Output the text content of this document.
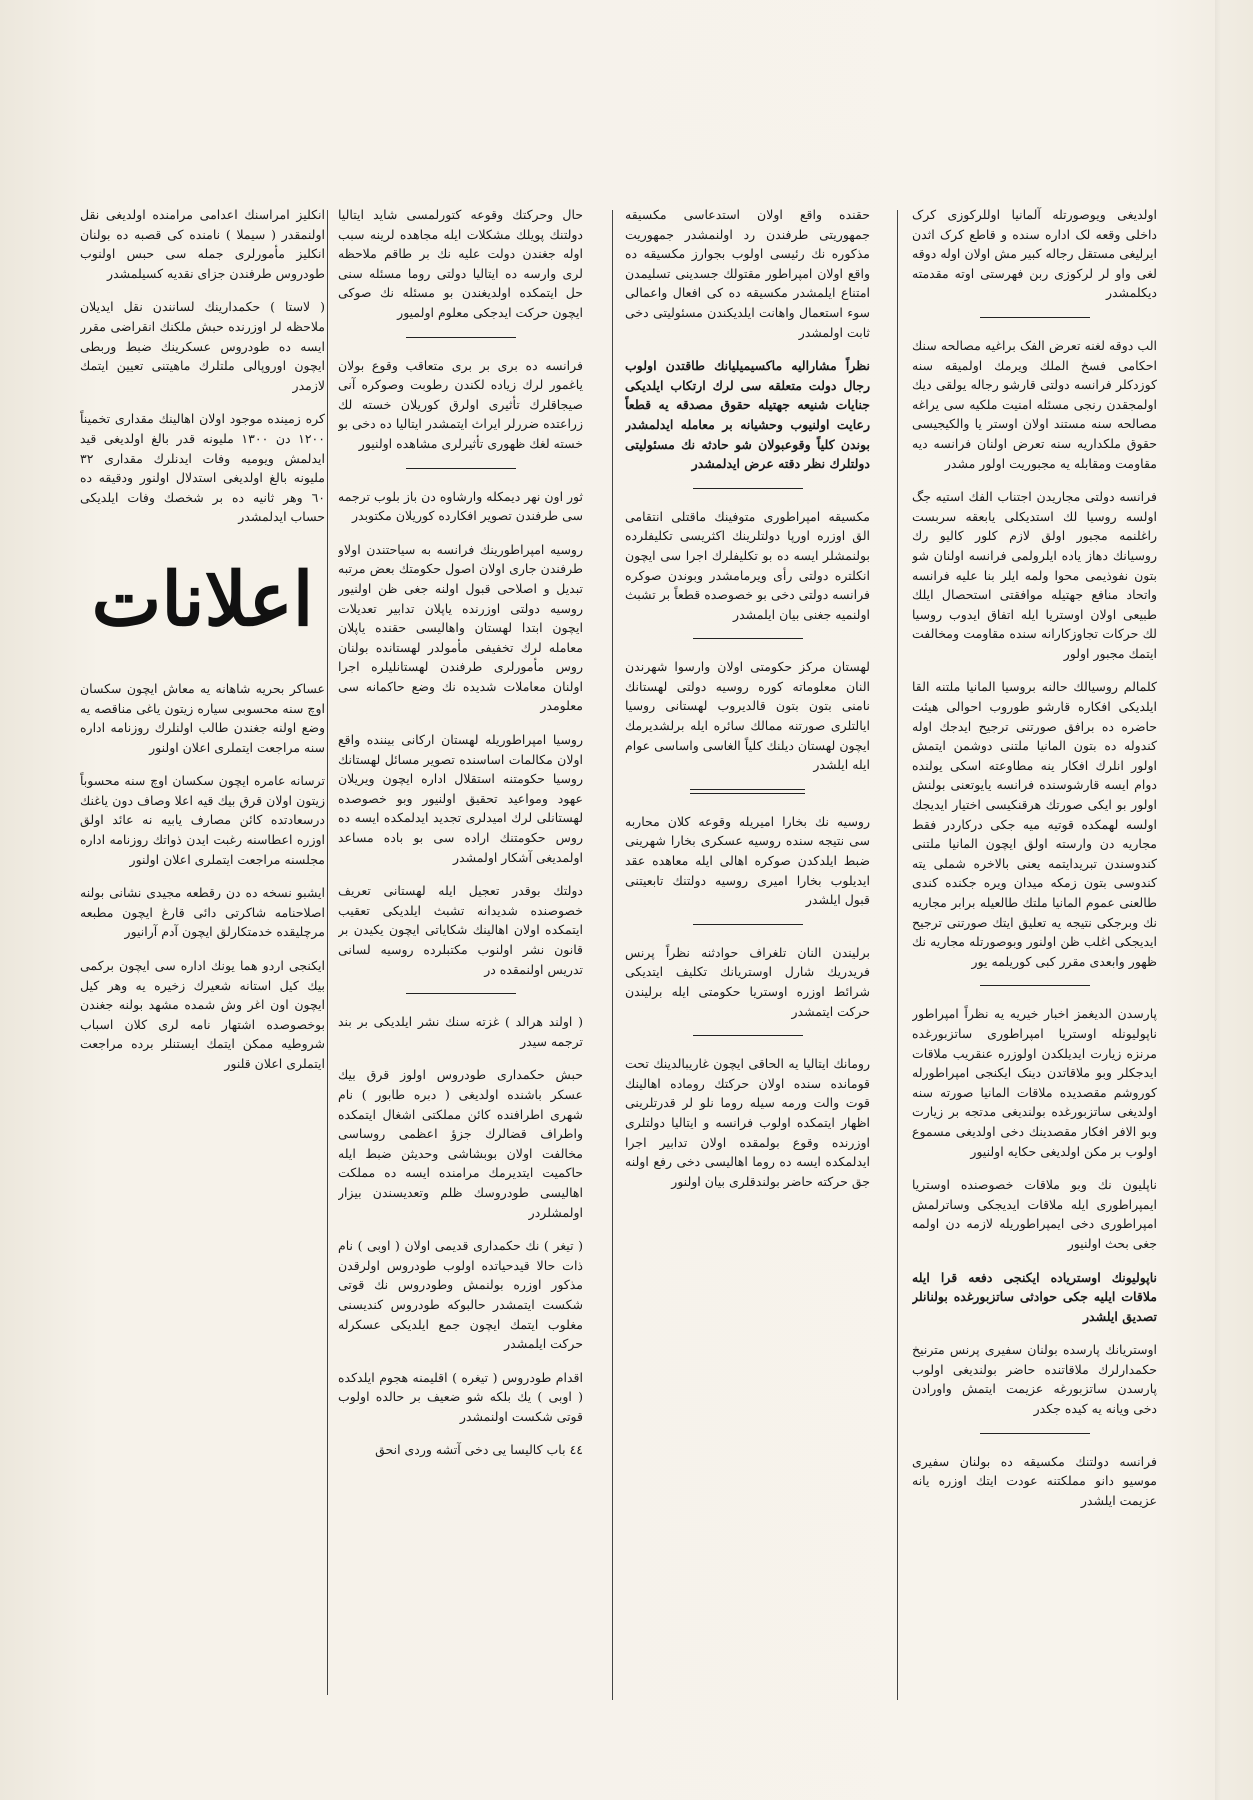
اولدیغی ویوصورتله آلمانیا اوللرکوزی کرک داخلی وقعه لک اداره سنده و قاطع کرک اثدن ایرلیغی مستقل رجاله کبیر مش اولان اوله دوقه لغی واو لر لرکوزی ربن فهرستی اوته مقدمته دیکلمشدر

الب دوقه لغنه تعرض الفک براغیه مصالحه سنك احکامی فسخ الملك ویرمك اولمیقه سنه کوزدکلر فرانسه دولتی قارشو رجاله یولقی دیك اولمجقدن رنجی مسئله امنیت ملکیه سی یراغه مصالحه سنه مستند اولان اوستر یا والکیجیسی حقوق ملکداریه سنه تعرض اولنان فرانسه دیه مقاومت ومقابله یه مجبوریت اولور مشدر

فرانسه دولتی مجاریدن اجتناب الفك استیه جگ اولسه روسیا لك استدیکلی یابعقه سربست راغلنمه مجبور اولق لازم کلور کالیو رك روسیانك دهاز یاده ایلرولمی فرانسه اولنان شو بتون نفوذیمی محوا ولمه ایلر بنا علیه فرانسه واتحاد منافع جهتیله موافقتی استحصال ایلك طبیعی اولان اوستریا ایله اتفاق ایدوب روسیا لك حرکات تجاوزکارانه سنده مقاومت ومخالفت ایتمك مجبور اولور

کلمالم روسیالك حالنه بروسیا المانیا ملتنه القا ایلدیکی افکاره قارشو طوروب احوالی هیئت حاضره ده برافق صورتنی ترجیح ایدجك اوله کندوله ده بتون المانیا ملتنی دوشمن ایتمش اولور انلرك افکار ینه مطاوعته اسکی یولنده دوام ایسه قارشوسنده فرانسه یایوتعنی بولنش اولور بو ایکی صورتك هرقنکیسی اختیار ایدیجك اولسه لهمکده قوتیه میه جکی درکاردر فقط مجاریه دن وارسته اولق ایچون المانیا ملتنی کندوسندن تبریدایتمه یعنی بالاخره شملی یته کندوسی بتون زمکه میدان ویره جکنده کندی طالعنی عموم المانیا ملتك طالعیله برابر مجاریه نك وبرجکی نتیجه یه تعلیق ایتك صورتنی ترجیح ایدیجکی اغلب ظن اولنور وبوصورتله مجاریه نك ظهور وابعدی مقرر کبی کوریلمه یور

پارسدن الدیغمز اخبار خیریه یه نظراً امپراطور ناپولیونله اوستریا امپراطوری ساتزبورغده مرنزه زیارت ایدیلکدن اولوزره عنقریب ملاقات ایدجکلر وبو ملاقاتدن دینک ایکنجی امپراطورله کوروشم مقصدیده ملاقات المانیا صورته سنه اولدیغی ساتزبورغده بولندیغی مدتجه بر زیارت وبو الافر افکار مقصدینك دخی اولدیغی مسموع اولوب بر مکن اولدیغی حکایه اولنیور

ناپلیون نك وبو ملاقات خصوصنده اوستریا ایمپراطوری ایله ملاقات ایدیجکی وساترلمش امپراطوری دخی ایمپراطوریله لازمه دن اولمه جغی بحث اولنیور

ناپولیونك اوستریاده ایکنجی دفعه قرا ایله ملاقات ایلیه جکی حوادثی ساتزبورغده بولنانلر تصدیق ایلشدر

اوستریانك پارسده بولنان سفیری پرنس مترنیخ حکمدارلرك ملاقاتنده حاضر بولندیغی اولوب پارسدن ساتزبورغه عزیمت ایتمش واورادن دخی ویانه یه کیده جکدر

فرانسه دولتنك مکسیقه ده بولنان سفیری موسیو دانو مملکتنه عودت ایتك اوزره یانه عزیمت ایلشدر

حقنده واقع اولان استدعاسی مکسیقه جمهوریتی طرفندن رد اولنمشدر جمهوریت مذکوره نك رئیسی اولوب بجوارز مکسیقه ده واقع اولان امپراطور مقتولك جسدینی تسلیمدن امتناع ایلمشدر مکسیقه ده کی افعال واعمالی سوء استعمال واهانت ایلدیکندن مسئولیتی دخی ثابت اولمشدر

نظراً مشارالیه ماکسیمیلیانك طاقتدن اولوب رجال دولت متعلقه سی لرك ارتکاب ایلدیکی جنایات شنیعه جهتیله حقوق مصدقه یه قطعاً رعایت اولنیوب وحشیانه بر معامله ایدلمشدر بوندن کلیاً وقوعبولان شو حادثه نك مسئولیتی دولتلرك نظر دقته عرض ایدلمشدر

مکسیقه امپراطوری متوفینك ماقتلی انتقامی الق اوزره اورپا دولتلرینك اکثریسی تکلیفلرده بولنمشلر ایسه ده بو تکلیفلرك اجرا سی ایچون انکلتره دولتی رأی ویرمامشدر وبوندن صوکره فرانسه دولتی دخی بو خصوصده قطعاً بر تشبث اولنمیه جغنی بیان ایلمشدر

لهستان مرکز حکومتی اولان وارسوا شهرندن النان معلوماته کوره روسیه دولتی لهستانك نامنی بتون بتون قالدیروب لهستانی روسیا ایالتلری صورتنه ممالك سائره ایله برلشدیرمك ایچون لهستان دیلنك کلیاً الغاسی واساسی عوام ایله ایلشدر

روسیه نك بخارا امیریله وقوعه کلان محاربه سی نتیجه سنده روسیه عسکری بخارا شهرینی ضبط ایلدکدن صوکره اهالی ایله معاهده عقد ایدیلوب بخارا امیری روسیه دولتنك تابعیتنی قبول ایلشدر

برلیندن النان تلغراف حوادثنه نظراً پرنس فریدریك شارل اوستریانك تکلیف ایتدیکی شرائط اوزره اوستریا حکومتی ایله برلیندن حرکت ایتمشدر

رومانك ایتالیا یه الحاقی ایچون غاریبالدینك تحت قومانده سنده اولان حرکتك روماده اهالینك قوت والت ورمه سیله روما نلو لر قدرتلرینی اظهار ایتمکده اولوب فرانسه و ایتالیا دولتلری اوزرنده وقوع بولمقده اولان تدابیر اجرا ایدلمکده ایسه ده روما اهالیسی دخی رفع اولنه جق حرکته حاضر بولندقلری بیان اولنور

حال وحرکتك وقوعه کتورلمسی شاید ایتالیا دولتنك پویلك مشکلات ایله مجاهده لرینه سبب اوله جغندن دولت علیه نك بر طاقم ملاحظه لری وارسه ده ایتالیا دولتی روما مسئله سنی حل ایتمکده اولدیغندن بو مسئله نك صوکی ایچون حرکت ایدجکی معلوم اولمیور

فرانسه ده بری بر بری متعاقب وقوع بولان یاغمور لرك زیاده لکندن رطوبت وصوکره آنی صیجاقلرك تأثیری اولرق کوریلان خسته لك زراعتده ضررلر ایراث ایتمشدر ایتالیا ده دخی بو خسته لغك ظهوری تأثیرلری مشاهده اولنیور

ثور اون نهر دیمکله وارشاوه دن باز بلوب ترجمه سی طرفندن تصویر افکارده کوریلان مکتوبدر

روسیه امپراطورینك فرانسه به سیاحتندن اولاو طرفندن جاری اولان اصول حکومتك بعض مرتبه تبدیل و اصلاحی قبول اولنه جغی ظن اولنیور روسیه دولتی اوزرنده یاپلان تدابیر تعدیلات ایچون ابتدا لهستان واهالیسی حقنده یاپلان معامله لرك تخفیفی مأمولدر لهستانده بولنان روس مأمورلری طرفندن لهستانلیلره اجرا اولنان معاملات شدیده نك وضع حاکمانه سی معلومدر

روسیا امپراطوریله لهستان ارکانی بیننده واقع اولان مکالمات اساسنده تصویر مسائل لهستانك روسیا حکومتنه استقلال اداره ایچون ویریلان عهود ومواعید تحقیق اولنیور وبو خصوصده لهستانلی لرك امیدلری تجدید ایدلمکده ایسه ده روس حکومتنك اراده سی بو باده مساعد اولمدیغی آشکار اولمشدر

دولتك بوقدر تعجیل ایله لهستانی تعریف خصوصنده شدیدانه تشبث ایلدیکی تعقیب ایتمکده اولان اهالینك شکایاتی ایچون یکیدن بر قانون نشر اولنوب مکتبلرده روسیه لسانی تدریس اولنمقده در

( اولند هرالد ) غزته سنك نشر ایلدیکی بر بند ترجمه سیدر

حبش حکمداری طودروس اولوز قرق بیك عسکر باشنده اولدیغی ( دبره طابور ) نام شهری اطرافنده کائن مملکتی اشغال ایتمکده واطراف قضالرك جزؤ اعظمی روساسی مخالفت اولان بوبشاشی وحدیثن ضبط ایله حاکمیت ایتدیرمك مرامنده ایسه ده مملکت اهالیسی طودروسك ظلم وتعدیسندن بیزار اولمشلردر

( تیغر ) نك حکمداری قدیمی اولان ( اوبی ) نام ذات حالا قیدحیاتده اولوب طودروس اولرقدن مذکور اوزره بولنمش وطودروس نك قوتی شکست ایتمشدر حالبوکه طودروس کندیسنی مغلوب ایتمك ایچون جمع ایلدیکی عسکرله حرکت ایلمشدر

اقدام طودروس ( تیغره ) اقلیمنه هجوم ایلدکده ( اوبی ) یك بلکه شو ضعیف بر حالده اولوب قوتی شکست اولنمشدر

٤٤ باب کالیسا یی دخی آتشه وردی انحق

انکلیز امراسنك اعدامی مرامنده اولدیغی نقل اولنمقدر ( سیملا ) نامنده کی قصبه ده بولنان انکلیز مأمورلری جمله سی حبس اولنوب طودروس طرفندن جزای نقدیه کسیلمشدر

( لاستا ) حکمدارینك لسانندن نقل ایدیلان ملاحظه لر اوزرنده حبش ملکنك انقراضی مقرر ایسه ده طودروس عسکرینك ضبط وربطی ایچون اوروپالی ملتلرك ماهیتنی تعیین ایتمك لازمدر

کره زمینده موجود اولان اهالینك مقداری تخمیناً ١٢٠٠ دن ١٣٠٠ ملیونه قدر بالغ اولدیغی قید ایدلمش ویومیه وفات ایدنلرك مقداری ٣٢ ملیونه بالغ اولدیغی استدلال اولنور ودقیقه ده ٦٠ وهر ثانیه ده بر شخصك وفات ایلدیکی حساب ایدلمشدر

اعلانات

عساکر بحریه شاهانه یه معاش ایچون سکسان اوچ سنه محسوبی سیاره زیتون یاغی مناقصه یه وضع اولنه جغندن طالب اولنلرك روزنامه اداره سنه مراجعت ایتملری اعلان اولنور

ترسانه عامره ایچون سکسان اوچ سنه محسوباً زیتون اولان قرق بیك قیه اعلا وصاف دون یاغنك درسعادتده کائن مصارف یابیه نه عائد اولق اوزره اعطاسنه رغبت ایدن ذواتك روزنامه اداره مجلسنه مراجعت ایتملری اعلان اولنور

ایشبو نسخه ده دن رقطعه مجیدی نشانی بولنه اصلاحنامه شاکرتی دائی قارغ ایچون مطبعه مرچلیقده خدمتکارلق ایچون آدم آرانیور

ایکنجی اردو هما یونك اداره سی ایچون برکمی بیك کیل استانه شعیرك زخیره یه وهر کیل ایچون اون اغر وش شمده مشهد بولنه جغندن بوخصوصده اشتهار نامه لری کلان اسباب شروطیه ممکن ایتمك ایستنلر برده مراجعت ایتملری اعلان قلنور
